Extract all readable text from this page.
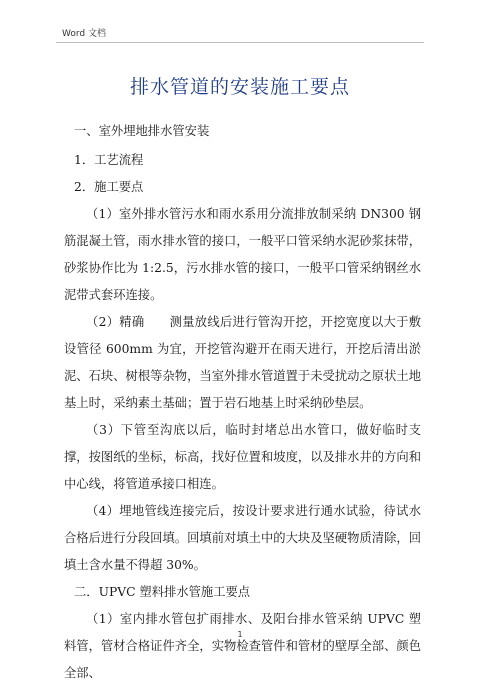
Word 文档
排水管道的安装施工要点

一、室外埋地排水管安装

1．工艺流程

2．施工要点

（1）室外排水管污水和雨水系用分流排放制采纳 DN300 钢筋混凝土管，雨水排水管的接口，一般平口管采纳水泥砂浆抹带，砂浆协作比为 1:2.5，污水排水管的接口，一般平口管采纳钢丝水泥带式套环连接。

（2）精确　　测量放线后进行管沟开挖，开挖宽度以大于敷设管径 600mm 为宜，开挖管沟避开在雨天进行，开挖后清出淤泥、石块、树根等杂物，当室外排水管道置于未受扰动之原状土地基上时，采纳素土基础；置于岩石地基上时采纳砂垫层。

（3）下管至沟底以后，临时封堵总出水管口，做好临时支撑，按图纸的坐标，标高，找好位置和坡度，以及排水井的方向和中心线，将管道承接口相连。

（4）埋地管线连接完后，按设计要求进行通水试验，待试水合格后进行分段回填。回填前对填土中的大块及坚硬物质清除，回填土含水量不得超 30%。

二．UPVC 塑料排水管施工要点

（1）室内排水管包扩雨排水、及阳台排水管采纳 UPVC 塑料管，管材合格证件齐全，实物检查管件和管材的壁厚全部、颜色全部、

1
